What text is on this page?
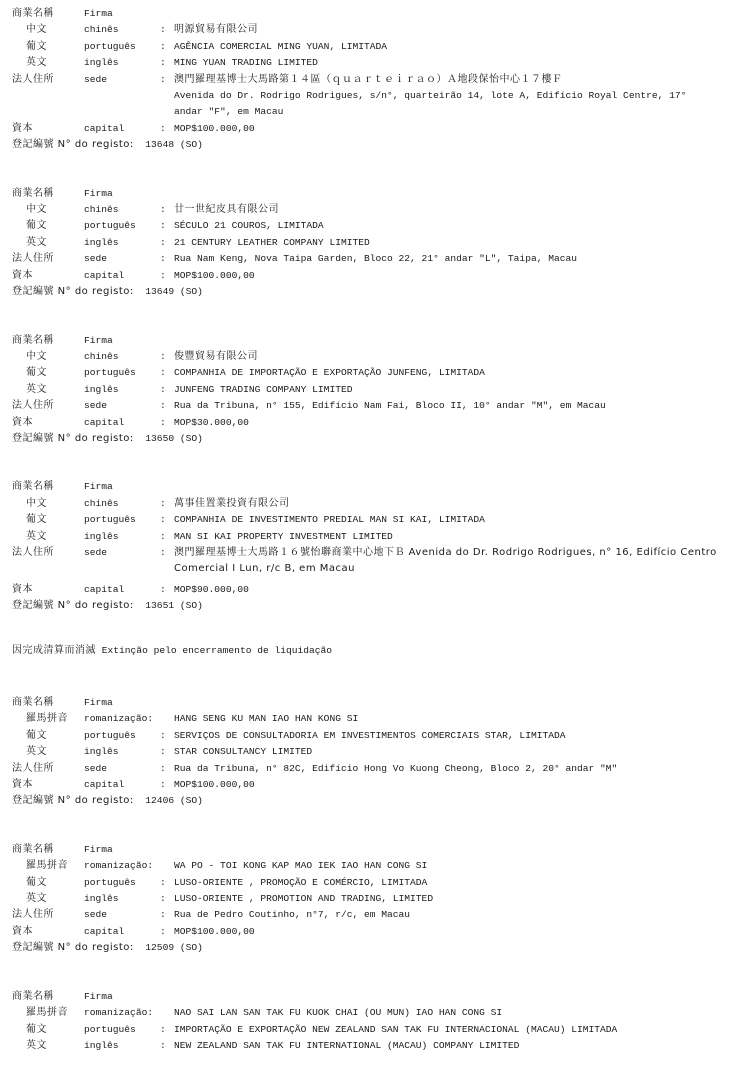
商業名稱	Firma
中文	chinês	: 明源貿易有限公司
葡文	português	: AGÊNCIA COMERCIAL MING YUAN, LIMITADA
英文	inglês	: MING YUAN TRADING LIMITED
法人住所	sede	: 澳門羅理基博士大馬路第１４區（ｑｕａｒｔｅｉｒａｏ）Ａ地段保怡中心１７樓Ｆ
Avenida do Dr. Rodrigo Rodrigues, s/n°, quarteirão 14, lote A, Edifício Royal Centre, 17° andar "F", em Macau
資本	capital	: MOP$100.000,00
登記編號 N° do registo:
13648 (SO)
商業名稱	Firma
中文	chinês	: 廿一世紀皮具有限公司
葡文	português	: SÉCULO 21 COUROS, LIMITADA
英文	inglês	: 21 CENTURY LEATHER COMPANY LIMITED
法人住所	sede	: Rua Nam Keng, Nova Taipa Garden, Bloco 22, 21° andar "L", Taipa, Macau
資本	capital	: MOP$100.000,00
登記編號 N° do registo:
13649 (SO)
商業名稱	Firma
中文	chinês	: 俊豐貿易有限公司
葡文	português	: COMPANHIA DE IMPORTAÇÃO E EXPORTAÇÃO JUNFENG, LIMITADA
英文	inglês	: JUNFENG TRADING COMPANY LIMITED
法人住所	sede	: Rua da Tribuna, n° 155, Edifício Nam Fai, Bloco II, 10° andar "M", em Macau
資本	capital	: MOP$30.000,00
登記編號 N° do registo:
13650 (SO)
商業名稱	Firma
中文	chinês	: 萬事佳置業投資有限公司
葡文	português	: COMPANHIA DE INVESTIMENTO PREDIAL MAN SI KAI, LIMITADA
英文	inglês	: MAN SI KAI PROPERTY INVESTMENT LIMITED
法人住所	sede	: 澳門羅理基博士大馬路１６號怡聯商業中心地下Ｂ Avenida do Dr. Rodrigo Rodrigues, n° 16, Edifício Centro Comercial I Lun, r/c B, em Macau
資本	capital	: MOP$90.000,00
登記編號 N° do registo:
13651 (SO)
因完成清算而消滅
Extinção pelo encerramento de liquidação
商業名稱	Firma
羅馬拼音	romanização:	HANG SENG KU MAN IAO HAN KONG SI
葡文	português	: SERVIÇOS DE CONSULTADORIA EM INVESTIMENTOS COMERCIAIS STAR, LIMITADA
英文	inglês	: STAR CONSULTANCY LIMITED
法人住所	sede	: Rua da Tribuna, n° 82C, Edifício Hong Vo Kuong Cheong, Bloco 2, 20° andar "M"
資本	capital	: MOP$100.000,00
登記編號 N° do registo:
12406 (SO)
商業名稱	Firma
羅馬拼音	romanização:	WA PO - TOI KONG KAP MAO IEK IAO HAN CONG SI
葡文	português	: LUSO-ORIENTE , PROMOÇÃO E COMÉRCIO, LIMITADA
英文	inglês	: LUSO-ORIENTE , PROMOTION AND TRADING, LIMITED
法人住所	sede	: Rua de Pedro Coutinho, n°7, r/c, em Macau
資本	capital	: MOP$100.000,00
登記編號 N° do registo:
12509 (SO)
商業名稱	Firma
羅馬拼音	romanização:	NAO SAI LAN SAN TAK FU KUOK CHAI (OU MUN) IAO HAN CONG SI
葡文	português	: IMPORTAÇÃO E EXPORTAÇÃO NEW ZEALAND SAN TAK FU INTERNACIONAL (MACAU) LIMITADA
英文	inglês	: NEW ZEALAND SAN TAK FU INTERNATIONAL (MACAU) COMPANY LIMITED
